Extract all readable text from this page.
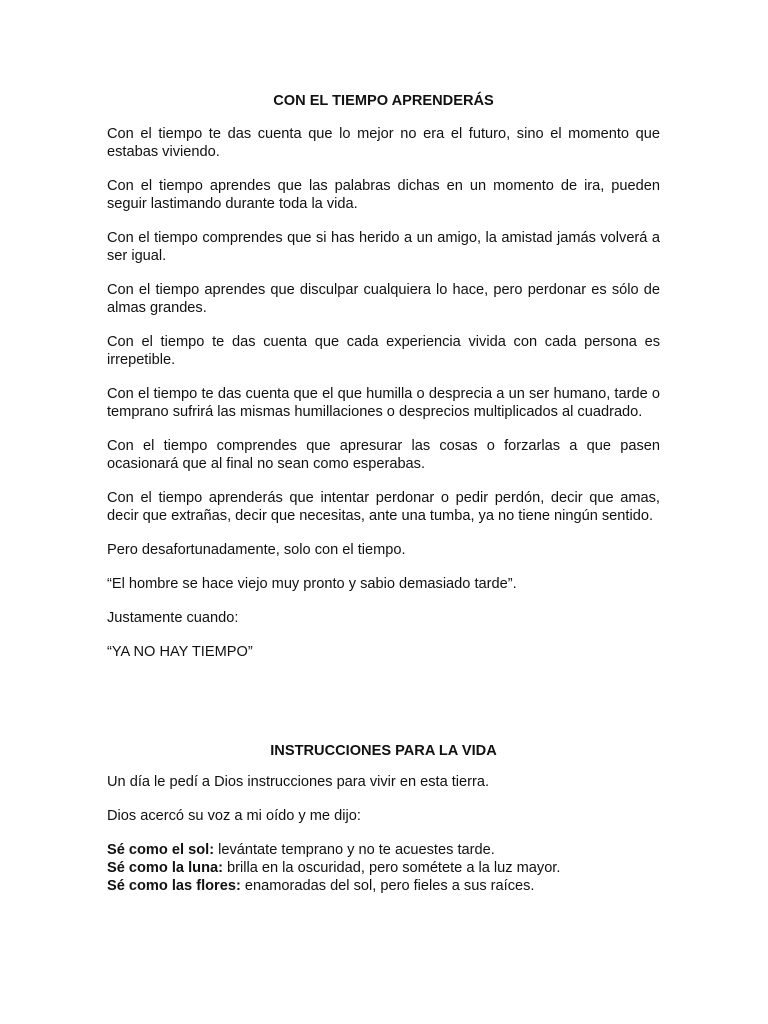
CON EL TIEMPO APRENDERÁS

Con el tiempo te das cuenta que lo mejor no era el futuro, sino el momento que estabas viviendo.

Con el tiempo aprendes que las palabras dichas en un momento de ira, pueden seguir lastimando durante toda la vida.

Con el tiempo comprendes que si has herido a un amigo, la amistad jamás volverá a ser igual.

Con el tiempo aprendes que disculpar cualquiera lo hace, pero perdonar es sólo de almas grandes.

Con el tiempo te das cuenta que cada experiencia vivida con cada persona es irrepetible.

Con el tiempo te das cuenta que el que humilla o desprecia a un ser humano, tarde o temprano sufrirá las mismas humillaciones o desprecios multiplicados al cuadrado.

Con el tiempo comprendes que apresurar las cosas o forzarlas a que pasen ocasionará que al final no sean como esperabas.

Con el tiempo aprenderás que intentar perdonar o pedir perdón, decir que amas, decir que extrañas, decir que necesitas, ante una tumba, ya no tiene ningún sentido.

Pero desafortunadamente, solo con el tiempo.

“El hombre se hace viejo muy pronto y sabio demasiado tarde”.

Justamente cuando:

“YA NO HAY TIEMPO”

INSTRUCCIONES PARA LA VIDA

Un día le pedí a Dios instrucciones para vivir en esta tierra.

Dios acercó su voz a mi oído y me dijo:

Sé como el sol: levántate temprano y no te acuestes tarde.

Sé como la luna: brilla en la oscuridad, pero sométete a la luz mayor.

Sé como las flores: enamoradas del sol, pero fieles a sus raíces.
